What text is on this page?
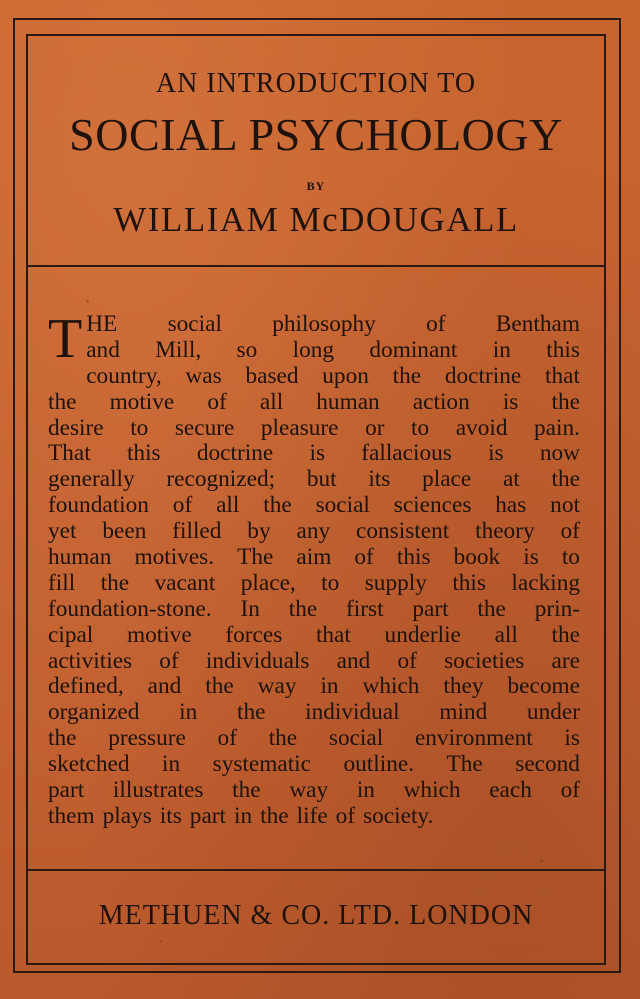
AN INTRODUCTION TO
SOCIAL PSYCHOLOGY
BY
WILLIAM McDOUGALL
T HE social philosophy of Bentham
and Mill, so long dominant in this
country, was based upon the doctrine that
the motive of all human action is the
desire to secure pleasure or to avoid pain.
That this doctrine is fallacious is now
generally recognized; but its place at the
foundation of all the social sciences has not
yet been filled by any consistent theory of
human motives. The aim of this book is to
fill the vacant place, to supply this lacking
foundation-stone. In the first part the prin-
cipal motive forces that underlie all the
activities of individuals and of societies are
defined, and the way in which they become
organized in the individual mind under
the pressure of the social environment is
sketched in systematic outline. The second
part illustrates the way in which each of
them plays its part in the life of society.
METHUEN & CO. LTD. LONDON
